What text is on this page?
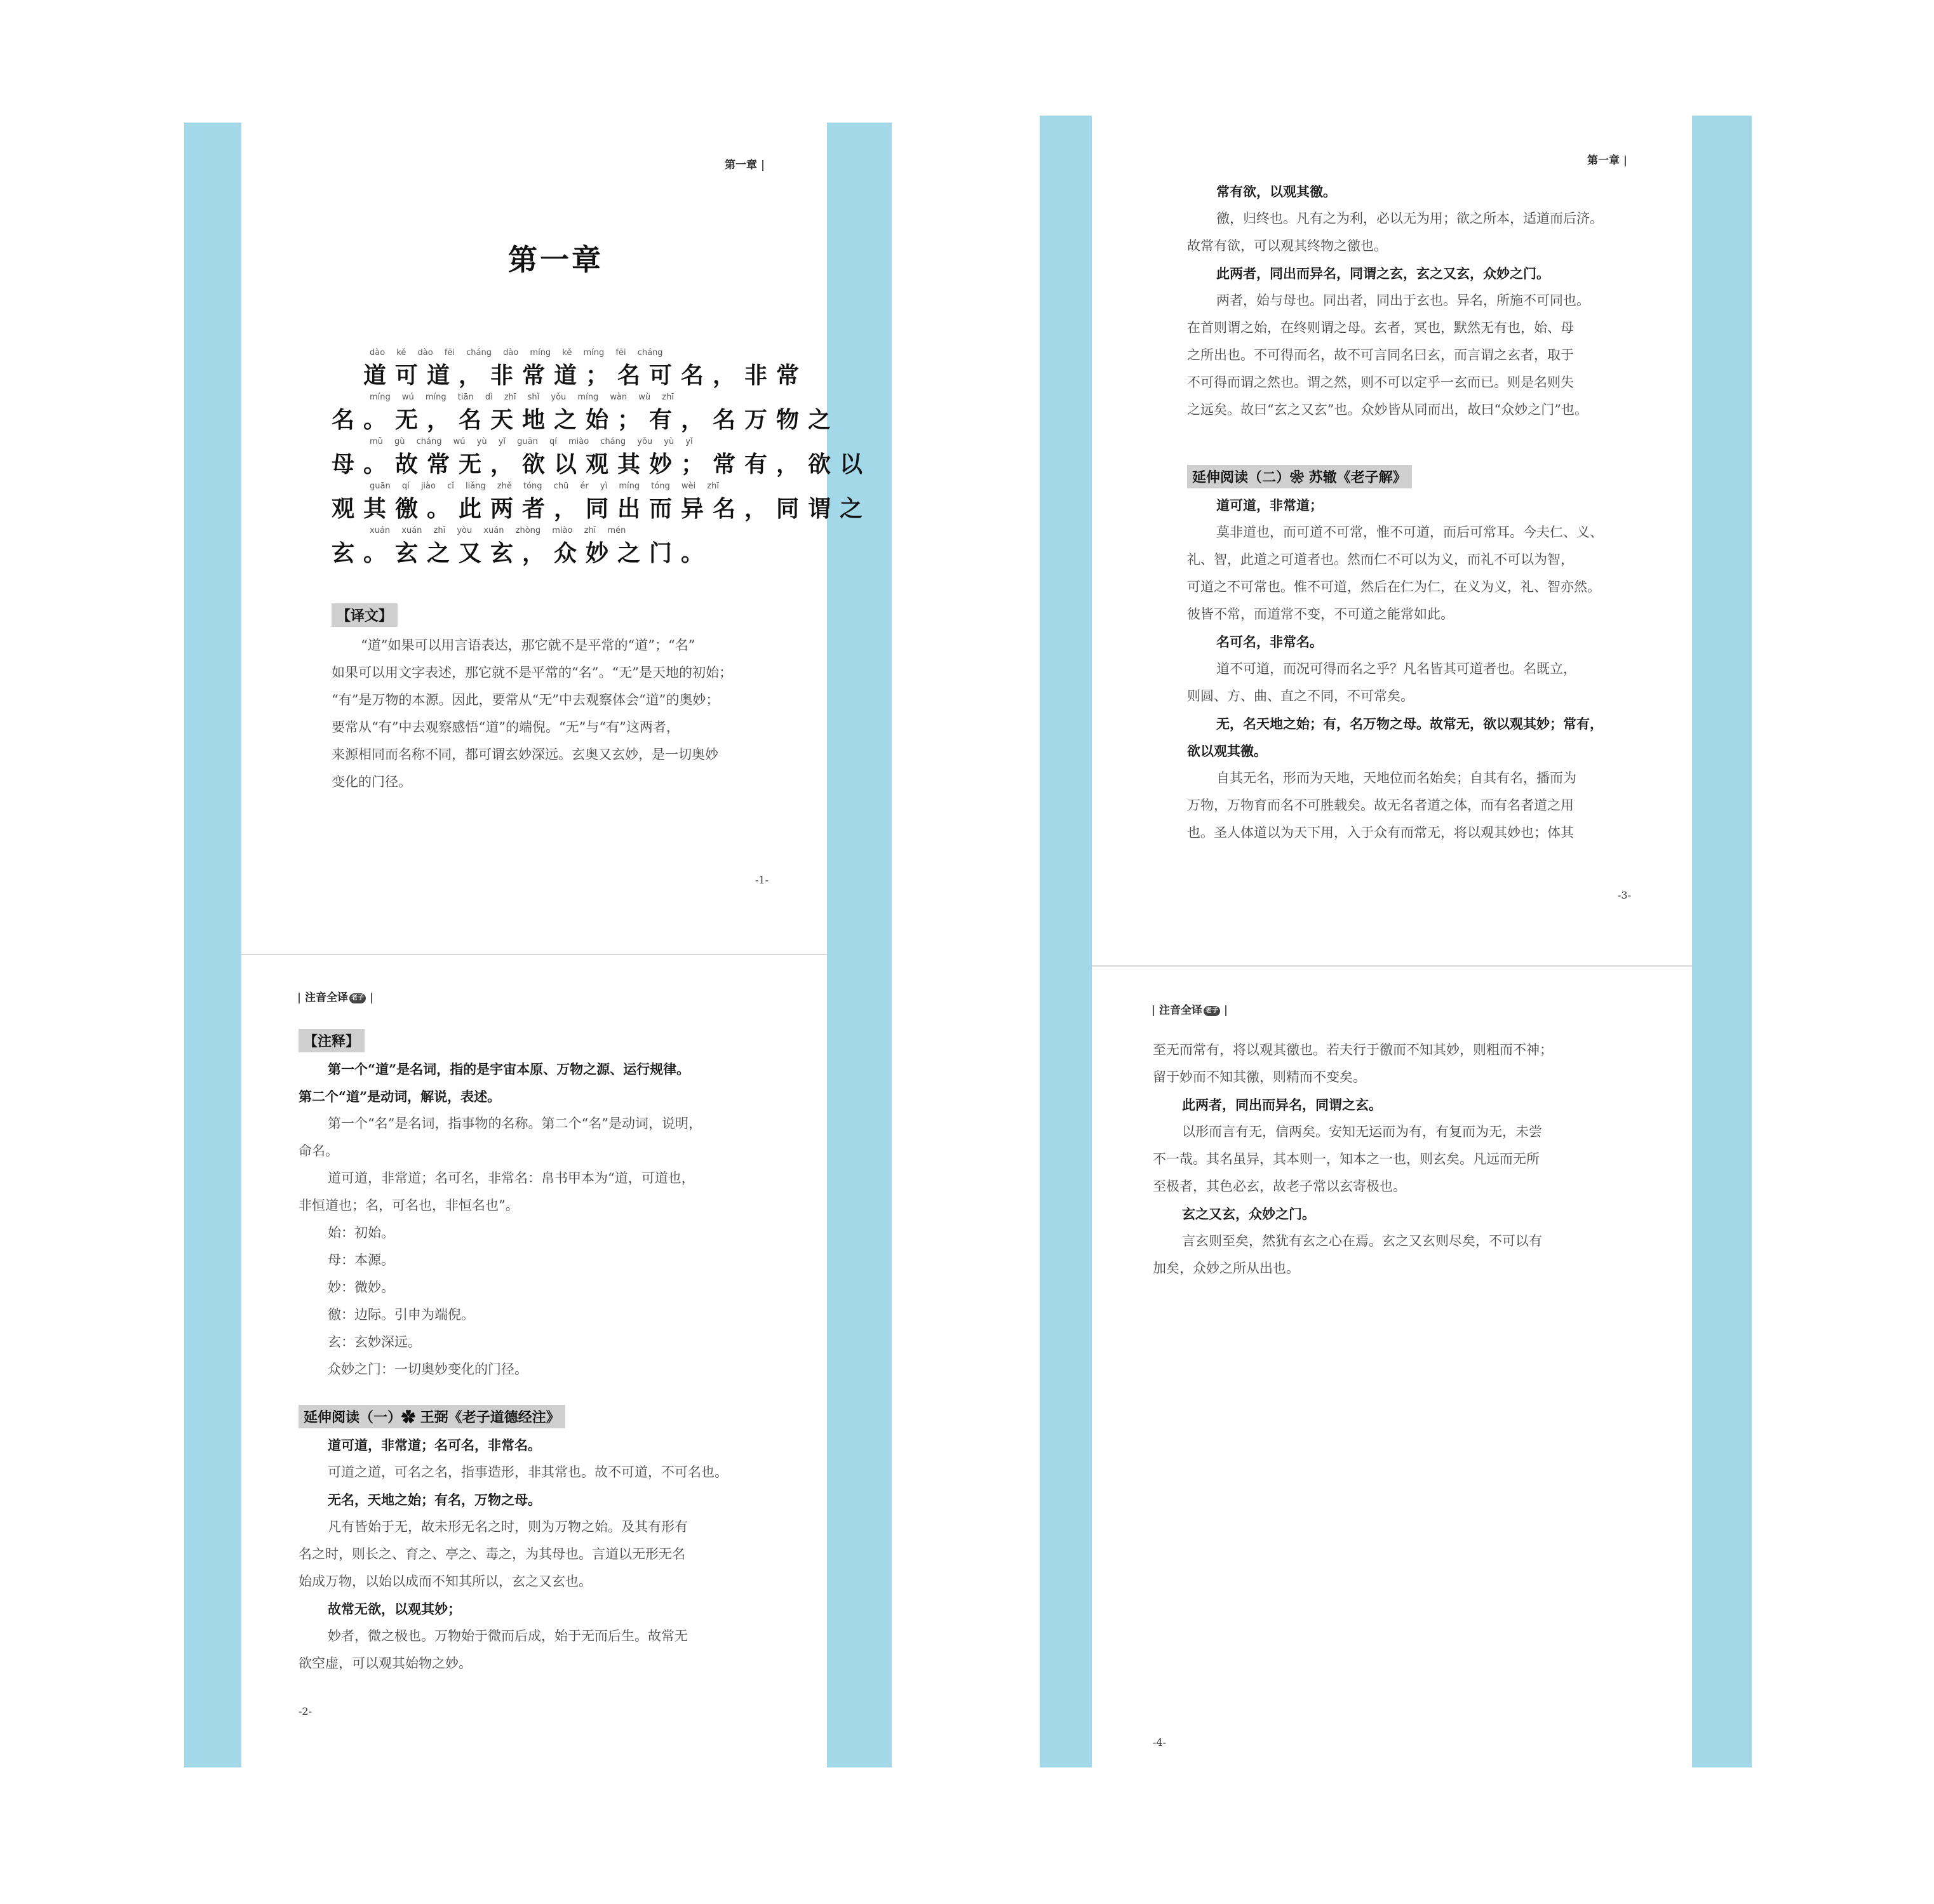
第一章
第一章
　道可道，非常道；名可名，非常
dào kě dào fēi cháng dào míng kě míng fēi cháng
名。无，名天地之始；有，名万物之
míng wú míng tiān dì zhī shǐ yǒu míng wàn wù zhī
母。故常无，欲以观其妙；常有，欲以
mǔ gù cháng wú yù yǐ guān qí miào cháng yǒu yù yǐ
观其徼。此两者，同出而异名，同谓之
guān qí jiào cǐ liǎng zhě tóng chū ér yì míng tóng wèi zhī
玄。玄之又玄，众妙之门。
xuán xuán zhī yòu xuán zhòng miào zhī mén
【译文】

“道”如果可以用言语表达，那它就不是平常的“道”；“名”

如果可以用文字表述，那它就不是平常的“名”。“无”是天地的初始；

“有”是万物的本源。因此，要常从“无”中去观察体会“道”的奥妙；

要常从“有”中去观察感悟“道”的端倪。“无”与“有”这两者，

来源相同而名称不同，都可谓玄妙深远。玄奥又玄妙，是一切奥妙

变化的门径。

-1-
注音全译 老子
【注释】

第一个“道”是名词，指的是宇宙本原、万物之源、运行规律。

第二个“道”是动词，解说，表述。

第一个“名”是名词，指事物的名称。第二个“名”是动词，说明，

命名。

道可道，非常道；名可名，非常名：帛书甲本为“道，可道也，

非恒道也；名，可名也，非恒名也”。

始：初始。

母：本源。

妙：微妙。

徼：边际。引申为端倪。

玄：玄妙深远。

众妙之门：一切奥妙变化的门径。

延伸阅读（一）✿ 王弼《老子道德经注》

道可道，非常道；名可名，非常名。

可道之道，可名之名，指事造形，非其常也。故不可道，不可名也。

无名，天地之始；有名，万物之母。

凡有皆始于无，故未形无名之时，则为万物之始。及其有形有

名之时，则长之、育之、亭之、毒之，为其母也。言道以无形无名

始成万物，以始以成而不知其所以，玄之又玄也。

故常无欲，以观其妙；

妙者，微之极也。万物始于微而后成，始于无而后生。故常无

欲空虚，可以观其始物之妙。

-2-
第一章

常有欲，以观其徼。

徼，归终也。凡有之为利，必以无为用；欲之所本，适道而后济。

故常有欲，可以观其终物之徼也。

此两者，同出而异名，同谓之玄，玄之又玄，众妙之门。

两者，始与母也。同出者，同出于玄也。异名，所施不可同也。

在首则谓之始，在终则谓之母。玄者，冥也，默然无有也，始、母

之所出也。不可得而名，故不可言同名曰玄，而言谓之玄者，取于

不可得而谓之然也。谓之然，则不可以定乎一玄而已。则是名则失

之远矣。故曰“玄之又玄”也。众妙皆从同而出，故曰“众妙之门”也。

延伸阅读（二）❀ 苏辙《老子解》

道可道，非常道；

莫非道也，而可道不可常，惟不可道，而后可常耳。今夫仁、义、

礼、智，此道之可道者也。然而仁不可以为义，而礼不可以为智，

可道之不可常也。惟不可道，然后在仁为仁，在义为义，礼、智亦然。

彼皆不常，而道常不变，不可道之能常如此。

名可名，非常名。

道不可道，而况可得而名之乎？凡名皆其可道者也。名既立，

则圆、方、曲、直之不同，不可常矣。

无，名天地之始；有，名万物之母。故常无，欲以观其妙；常有，

欲以观其徼。

自其无名，形而为天地，天地位而名始矣；自其有名，播而为

万物，万物育而名不可胜载矣。故无名者道之体，而有名者道之用

也。圣人体道以为天下用，入于众有而常无，将以观其妙也；体其

-3-
注音全译 老子

至无而常有，将以观其徼也。若夫行于徼而不知其妙，则粗而不神；

留于妙而不知其徼，则精而不变矣。

此两者，同出而异名，同谓之玄。

以形而言有无，信两矣。安知无运而为有，有复而为无，未尝

不一哉。其名虽异，其本则一，知本之一也，则玄矣。凡远而无所

至极者，其色必玄，故老子常以玄寄极也。

玄之又玄，众妙之门。

言玄则至矣，然犹有玄之心在焉。玄之又玄则尽矣，不可以有

加矣，众妙之所从出也。

-4-
